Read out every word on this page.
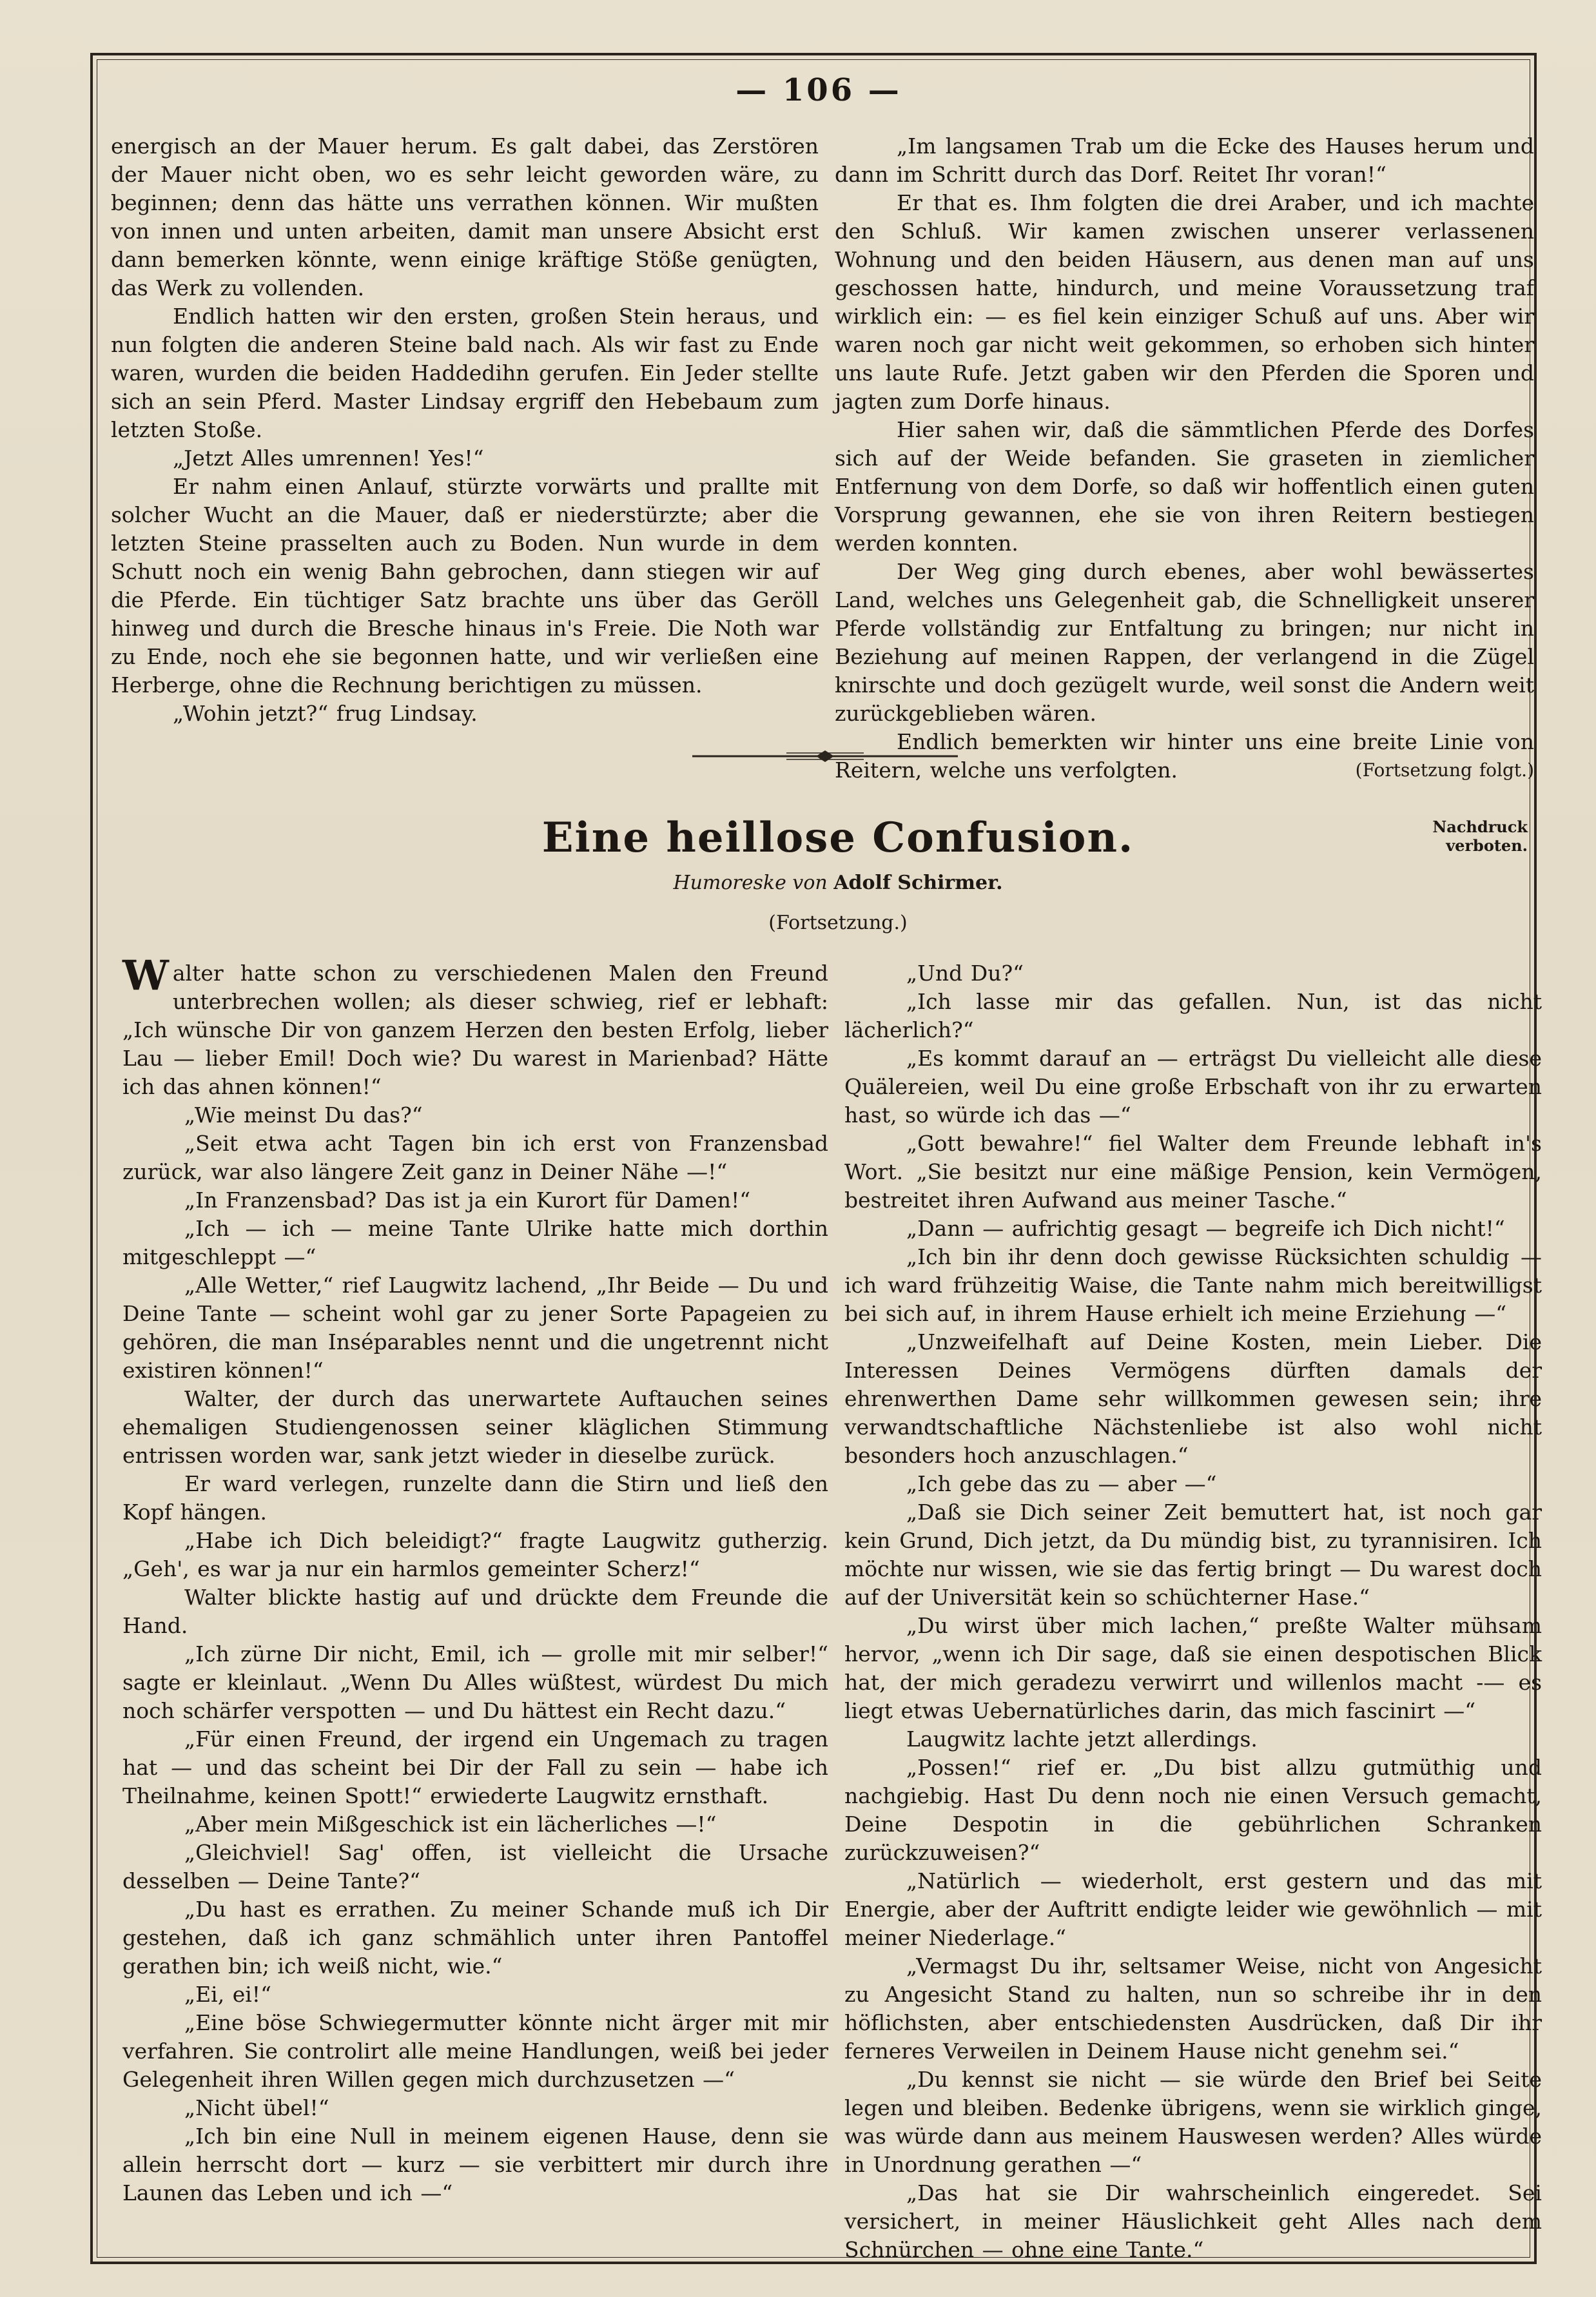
— 106 —

energisch an der Mauer herum. Es galt dabei, das Zerstören der Mauer nicht oben, wo es sehr leicht geworden wäre, zu beginnen; denn das hätte uns verrathen können. Wir mußten von innen und unten arbeiten, damit man unsere Absicht erst dann bemerken könnte, wenn einige kräftige Stöße genügten, das Werk zu vollenden.

Endlich hatten wir den ersten, großen Stein heraus, und nun folgten die anderen Steine bald nach. Als wir fast zu Ende waren, wurden die beiden Haddedihn gerufen. Ein Jeder stellte sich an sein Pferd. Master Lindsay ergriff den Hebebaum zum letzten Stoße.

„Jetzt Alles umrennen! Yes!“

Er nahm einen Anlauf, stürzte vorwärts und prallte mit solcher Wucht an die Mauer, daß er niederstürzte; aber die letzten Steine prasselten auch zu Boden. Nun wurde in dem Schutt noch ein wenig Bahn gebrochen, dann stiegen wir auf die Pferde. Ein tüchtiger Satz brachte uns über das Geröll hinweg und durch die Bresche hinaus in's Freie. Die Noth war zu Ende, noch ehe sie begonnen hatte, und wir verließen eine Herberge, ohne die Rechnung berichtigen zu müssen.

„Wohin jetzt?“ frug Lindsay.

„Im langsamen Trab um die Ecke des Hauses herum und dann im Schritt durch das Dorf. Reitet Ihr voran!“

Er that es. Ihm folgten die drei Araber, und ich machte den Schluß. Wir kamen zwischen unserer verlassenen Wohnung und den beiden Häusern, aus denen man auf uns geschossen hatte, hindurch, und meine Voraussetzung traf wirklich ein: — es fiel kein einziger Schuß auf uns. Aber wir waren noch gar nicht weit gekommen, so erhoben sich hinter uns laute Rufe. Jetzt gaben wir den Pferden die Sporen und jagten zum Dorfe hinaus.

Hier sahen wir, daß die sämmtlichen Pferde des Dorfes sich auf der Weide befanden. Sie graseten in ziemlicher Entfernung von dem Dorfe, so daß wir hoffentlich einen guten Vorsprung gewannen, ehe sie von ihren Reitern bestiegen werden konnten.

Der Weg ging durch ebenes, aber wohl bewässertes Land, welches uns Gelegenheit gab, die Schnelligkeit unserer Pferde vollständig zur Entfaltung zu bringen; nur nicht in Beziehung auf meinen Rappen, der verlangend in die Zügel knirschte und doch gezügelt wurde, weil sonst die Andern weit zurückgeblieben wären.

Endlich bemerkten wir hinter uns eine breite Linie von Reitern, welche uns verfolgten.	(Fortsetzung folgt.)

Eine heillose Confusion.	Nachdruck verboten.
Humoreske von Adolf Schirmer.
(Fortsetzung.)

Walter hatte schon zu verschiedenen Malen den Freund unterbrechen wollen; als dieser schwieg, rief er lebhaft: „Ich wünsche Dir von ganzem Herzen den besten Erfolg, lieber Lau — lieber Emil! Doch wie? Du warest in Marienbad? Hätte ich das ahnen können!“

„Wie meinst Du das?“

„Seit etwa acht Tagen bin ich erst von Franzensbad zurück, war also längere Zeit ganz in Deiner Nähe —!“

„In Franzensbad? Das ist ja ein Kurort für Damen!“

„Ich — ich — meine Tante Ulrike hatte mich dorthin mitgeschleppt —“

„Alle Wetter,“ rief Laugwitz lachend, „Ihr Beide — Du und Deine Tante — scheint wohl gar zu jener Sorte Papageien zu gehören, die man Inséparables nennt und die ungetrennt nicht existiren können!“

Walter, der durch das unerwartete Auftauchen seines ehemaligen Studiengenossen seiner kläglichen Stimmung entrissen worden war, sank jetzt wieder in dieselbe zurück.

Er ward verlegen, runzelte dann die Stirn und ließ den Kopf hängen.

„Habe ich Dich beleidigt?“ fragte Laugwitz gutherzig. „Geh', es war ja nur ein harmlos gemeinter Scherz!“

Walter blickte hastig auf und drückte dem Freunde die Hand.

„Ich zürne Dir nicht, Emil, ich — grolle mit mir selber!“ sagte er kleinlaut. „Wenn Du Alles wüßtest, würdest Du mich noch schärfer verspotten — und Du hättest ein Recht dazu.“

„Für einen Freund, der irgend ein Ungemach zu tragen hat — und das scheint bei Dir der Fall zu sein — habe ich Theilnahme, keinen Spott!“ erwiederte Laugwitz ernsthaft.

„Aber mein Mißgeschick ist ein lächerliches —!“

„Gleichviel! Sag' offen, ist vielleicht die Ursache desselben — Deine Tante?“

„Du hast es errathen. Zu meiner Schande muß ich Dir gestehen, daß ich ganz schmählich unter ihren Pantoffel gerathen bin; ich weiß nicht, wie.“

„Ei, ei!“

„Eine böse Schwiegermutter könnte nicht ärger mit mir verfahren. Sie controlirt alle meine Handlungen, weiß bei jeder Gelegenheit ihren Willen gegen mich durchzusetzen —“

„Nicht übel!“

„Ich bin eine Null in meinem eigenen Hause, denn sie allein herrscht dort — kurz — sie verbittert mir durch ihre Launen das Leben und ich —“

„Und Du?“

„Ich lasse mir das gefallen. Nun, ist das nicht lächerlich?“

„Es kommt darauf an — erträgst Du vielleicht alle diese Quälereien, weil Du eine große Erbschaft von ihr zu erwarten hast, so würde ich das —“

„Gott bewahre!“ fiel Walter dem Freunde lebhaft in's Wort. „Sie besitzt nur eine mäßige Pension, kein Vermögen, bestreitet ihren Aufwand aus meiner Tasche.“

„Dann — aufrichtig gesagt — begreife ich Dich nicht!“

„Ich bin ihr denn doch gewisse Rücksichten schuldig — ich ward frühzeitig Waise, die Tante nahm mich bereitwilligst bei sich auf, in ihrem Hause erhielt ich meine Erziehung —“

„Unzweifelhaft auf Deine Kosten, mein Lieber. Die Interessen Deines Vermögens dürften damals der ehrenwerthen Dame sehr willkommen gewesen sein; ihre verwandtschaftliche Nächstenliebe ist also wohl nicht besonders hoch anzuschlagen.“

„Ich gebe das zu — aber —“

„Daß sie Dich seiner Zeit bemuttert hat, ist noch gar kein Grund, Dich jetzt, da Du mündig bist, zu tyrannisiren. Ich möchte nur wissen, wie sie das fertig bringt — Du warest doch auf der Universität kein so schüchterner Hase.“

„Du wirst über mich lachen,“ preßte Walter mühsam hervor, „wenn ich Dir sage, daß sie einen despotischen Blick hat, der mich geradezu verwirrt und willenlos macht -— es liegt etwas Uebernatürliches darin, das mich fascinirt —“

Laugwitz lachte jetzt allerdings.

„Possen!“ rief er. „Du bist allzu gutmüthig und nachgiebig. Hast Du denn noch nie einen Versuch gemacht, Deine Despotin in die gebührlichen Schranken zurückzuweisen?“

„Natürlich — wiederholt, erst gestern und das mit Energie, aber der Auftritt endigte leider wie gewöhnlich — mit meiner Niederlage.“

„Vermagst Du ihr, seltsamer Weise, nicht von Angesicht zu Angesicht Stand zu halten, nun so schreibe ihr in den höflichsten, aber entschiedensten Ausdrücken, daß Dir ihr ferneres Verweilen in Deinem Hause nicht genehm sei.“

„Du kennst sie nicht — sie würde den Brief bei Seite legen und bleiben. Bedenke übrigens, wenn sie wirklich ginge, was würde dann aus meinem Hauswesen werden? Alles würde in Unordnung gerathen —“

„Das hat sie Dir wahrscheinlich eingeredet. Sei versichert, in meiner Häuslichkeit geht Alles nach dem Schnürchen — ohne eine Tante.“
